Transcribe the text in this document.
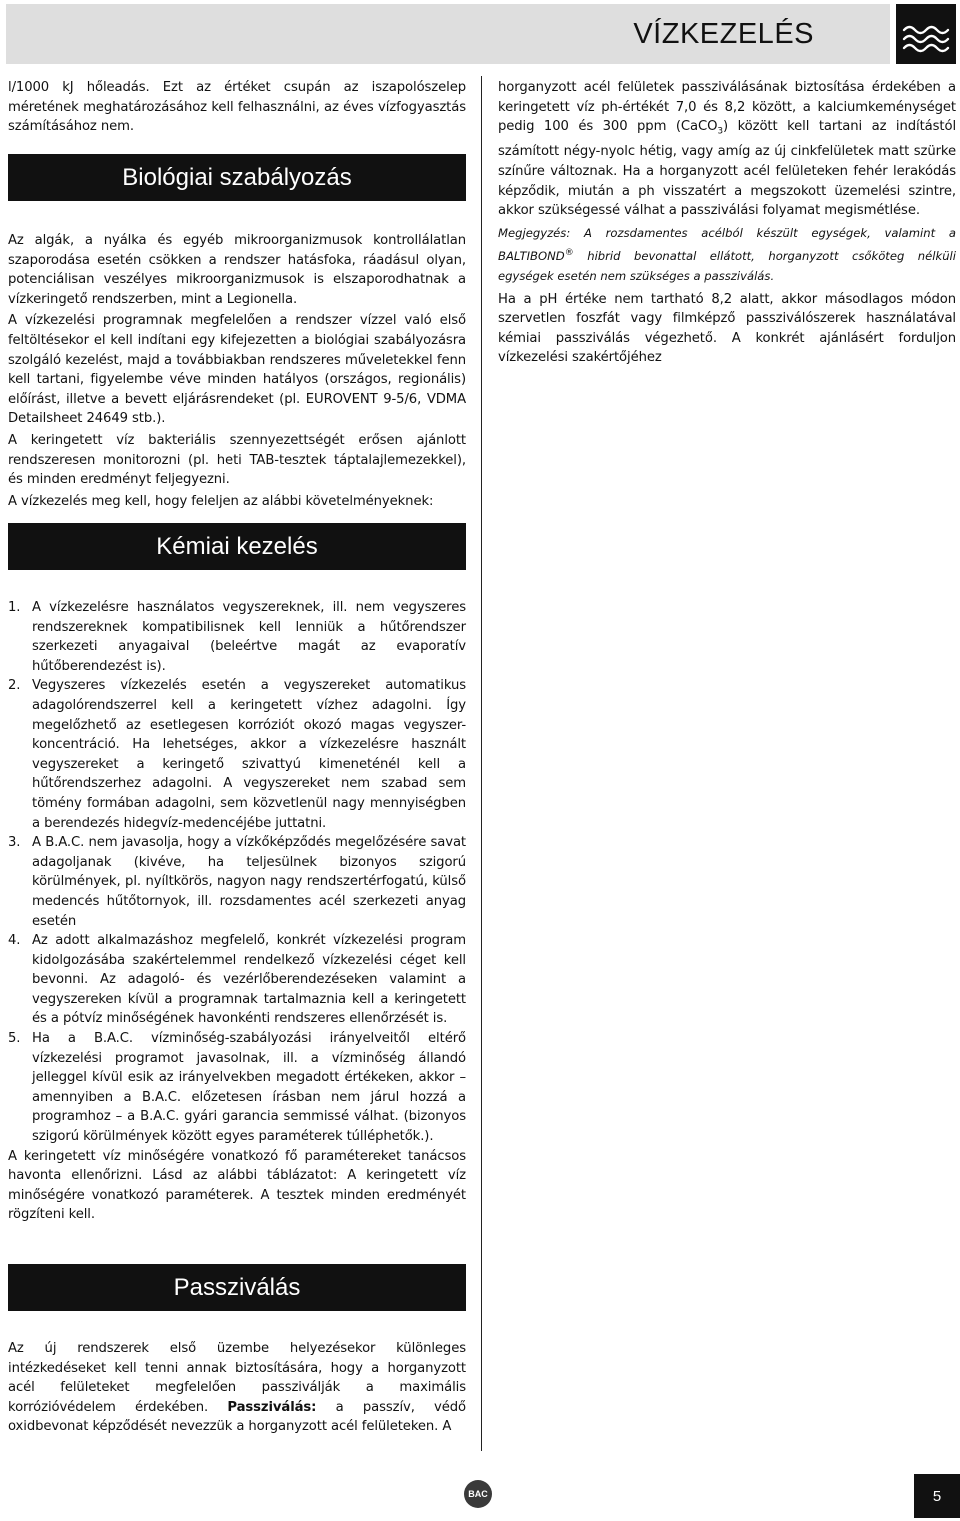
VÍZKEZELÉS

l/1000 kJ hőleadás. Ezt az értéket csupán az iszapolószelep méretének meghatározásához kell felhasználni, az éves vízfogyasztás számításához nem.

Biológiai szabályozás

Az algák, a nyálka és egyéb mikroorganizmusok kontrollálatlan szaporodása esetén csökken a rendszer hatásfoka, ráadásul olyan, potenciálisan veszélyes mikroorganizmusok is elszaporodhatnak a vízkeringető rendszerben, mint a Legionella.

A vízkezelési programnak megfelelően a rendszer vízzel való első feltöltésekor el kell indítani egy kifejezetten a biológiai szabályozásra szolgáló kezelést, majd a továbbiakban rendszeres műveletekkel fenn kell tartani, figyelembe véve minden hatályos (országos, regionális) előírást, illetve a bevett eljárásrendeket (pl. EUROVENT 9-5/6, VDMA Detailsheet 24649 stb.).

A keringetett víz bakteriális szennyezettségét erősen ajánlott rendszeresen monitorozni (pl. heti TAB-tesztek táptalajlemezekkel), és minden eredményt feljegyezni.

A vízkezelés meg kell, hogy feleljen az alábbi követelményeknek:

Kémiai kezelés
1. A vízkezelésre használatos vegyszereknek, ill. nem vegyszeres rendszereknek kompatibilisnek kell lenniük a hűtőrendszer szerkezeti anyagaival (beleértve magát az evaporatív hűtőberendezést is).
2. Vegyszeres vízkezelés esetén a vegyszereket automatikus adagolórendszerrel kell a keringetett vízhez adagolni. Így megelőzhető az esetlegesen korróziót okozó magas vegyszer-koncentráció. Ha lehetséges, akkor a vízkezelésre használt vegyszereket a keringető szivattyú kimeneténél kell a hűtőrendszerhez adagolni. A vegyszereket nem szabad sem tömény formában adagolni, sem közvetlenül nagy mennyiségben a berendezés hidegvíz-medencéjébe juttatni.
3. A B.A.C. nem javasolja, hogy a vízkőképződés megelőzésére savat adagoljanak (kivéve, ha teljesülnek bizonyos szigorú körülmények, pl. nyíltkörös, nagyon nagy rendszertérfogatú, külső medencés hűtőtornyok, ill. rozsdamentes acél szerkezeti anyag esetén
4. Az adott alkalmazáshoz megfelelő, konkrét vízkezelési program kidolgozásába szakértelemmel rendelkező vízkezelési céget kell bevonni. Az adagoló- és vezérlőberendezéseken valamint a vegyszereken kívül a programnak tartalmaznia kell a keringetett és a pótvíz minőségének havonkénti rendszeres ellenőrzését is.
5. Ha a B.A.C. vízminőség-szabályozási irányelveitől eltérő vízkezelési programot javasolnak, ill. a vízminőség állandó jelleggel kívül esik az irányelvekben megadott értékeken, akkor – amennyiben a B.A.C. előzetesen írásban nem járul hozzá a programhoz – a B.A.C. gyári garancia semmissé válhat. (bizonyos szigorú körülmények között egyes paraméterek túlléphetők.).
A keringetett víz minőségére vonatkozó fő paramétereket tanácsos havonta ellenőrizni. Lásd az alábbi táblázatot: A keringetett víz minőségére vonatkozó paraméterek. A tesztek minden eredményét rögzíteni kell.
Passziválás

Az új rendszerek első üzembe helyezésekor különleges intézkedéseket kell tenni annak biztosítására, hogy a horganyzott acél felületeket megfelelően passziválják a maximális korrózióvédelem érdekében. Passziválás: a passzív, védő oxidbevonat képződését nevezzük a horganyzott acél felületeken. A

horganyzott acél felületek passziválásának biztosítása érdekében a keringetett víz ph-értékét 7,0 és 8,2 között, a kalciumkeménységet pedig 100 és 300 ppm (CaCO$_3$) között kell tartani az indítástól számított négy-nyolc hétig, vagy amíg az új cinkfelületek matt szürke színűre változnak. Ha a horganyzott acél felületeken fehér lerakódás képződik, miután a ph visszatért a megszokott üzemelési szintre, akkor szükségessé válhat a passziválási folyamat megismétlése.

Megjegyzés: A rozsdamentes acélból készült egységek, valamint a BALTIBOND® hibrid bevonattal ellátott, horganyzott csőköteg nélküli egységek esetén nem szükséges a passziválás.

Ha a pH értéke nem tartható 8,2 alatt, akkor másodlagos módon szervetlen foszfát vagy filmképző passziválószerek használatával kémiai passziválás végezhető. A konkrét ajánlásért forduljon vízkezelési szakértőjéhez

BAC	5
